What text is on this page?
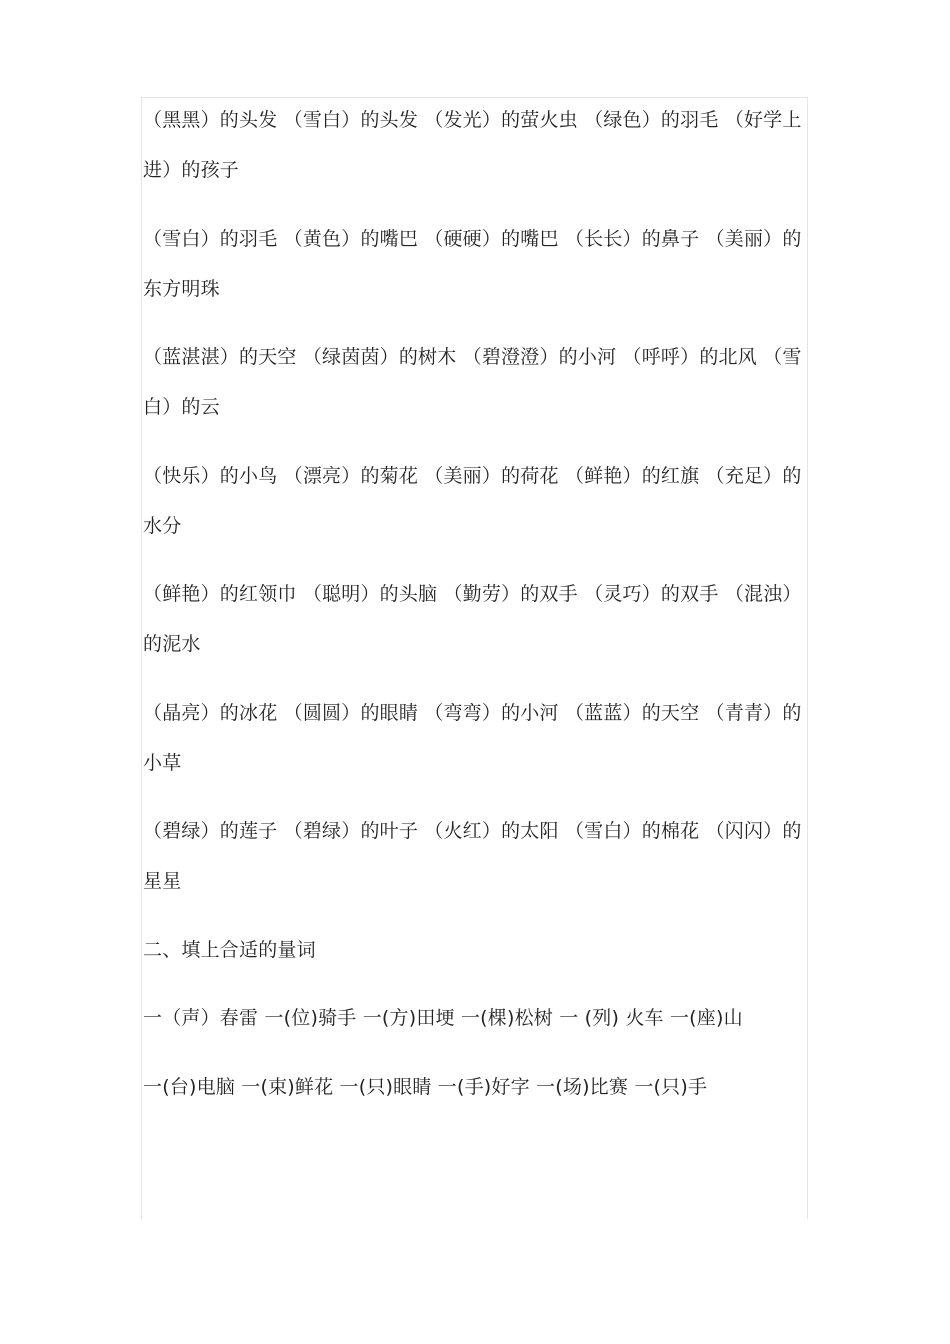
（黑黑）的头发 （雪白）的头发 （发光）的萤火虫 （绿色）的羽毛 （好学上进）的孩子

（雪白）的羽毛 （黄色）的嘴巴 （硬硬）的嘴巴 （长长）的鼻子 （美丽）的东方明珠

（蓝湛湛）的天空 （绿茵茵）的树木 （碧澄澄）的小河 （呼呼）的北风 （雪白）的云

（快乐）的小鸟 （漂亮）的菊花 （美丽）的荷花 （鲜艳）的红旗 （充足）的水分

（鲜艳）的红领巾 （聪明）的头脑 （勤劳）的双手 （灵巧）的双手 （混浊）的泥水

（晶亮）的冰花 （圆圆）的眼睛 （弯弯）的小河 （蓝蓝）的天空 （青青）的小草

（碧绿）的莲子 （碧绿）的叶子 （火红）的太阳 （雪白）的棉花 （闪闪）的星星

二、填上合适的量词

一（声）春雷 一(位)骑手 一(方)田埂 一(棵)松树 一 (列) 火车 一(座)山

一(台)电脑 一(束)鲜花 一(只)眼睛 一(手)好字 一(场)比赛 一(只)手
